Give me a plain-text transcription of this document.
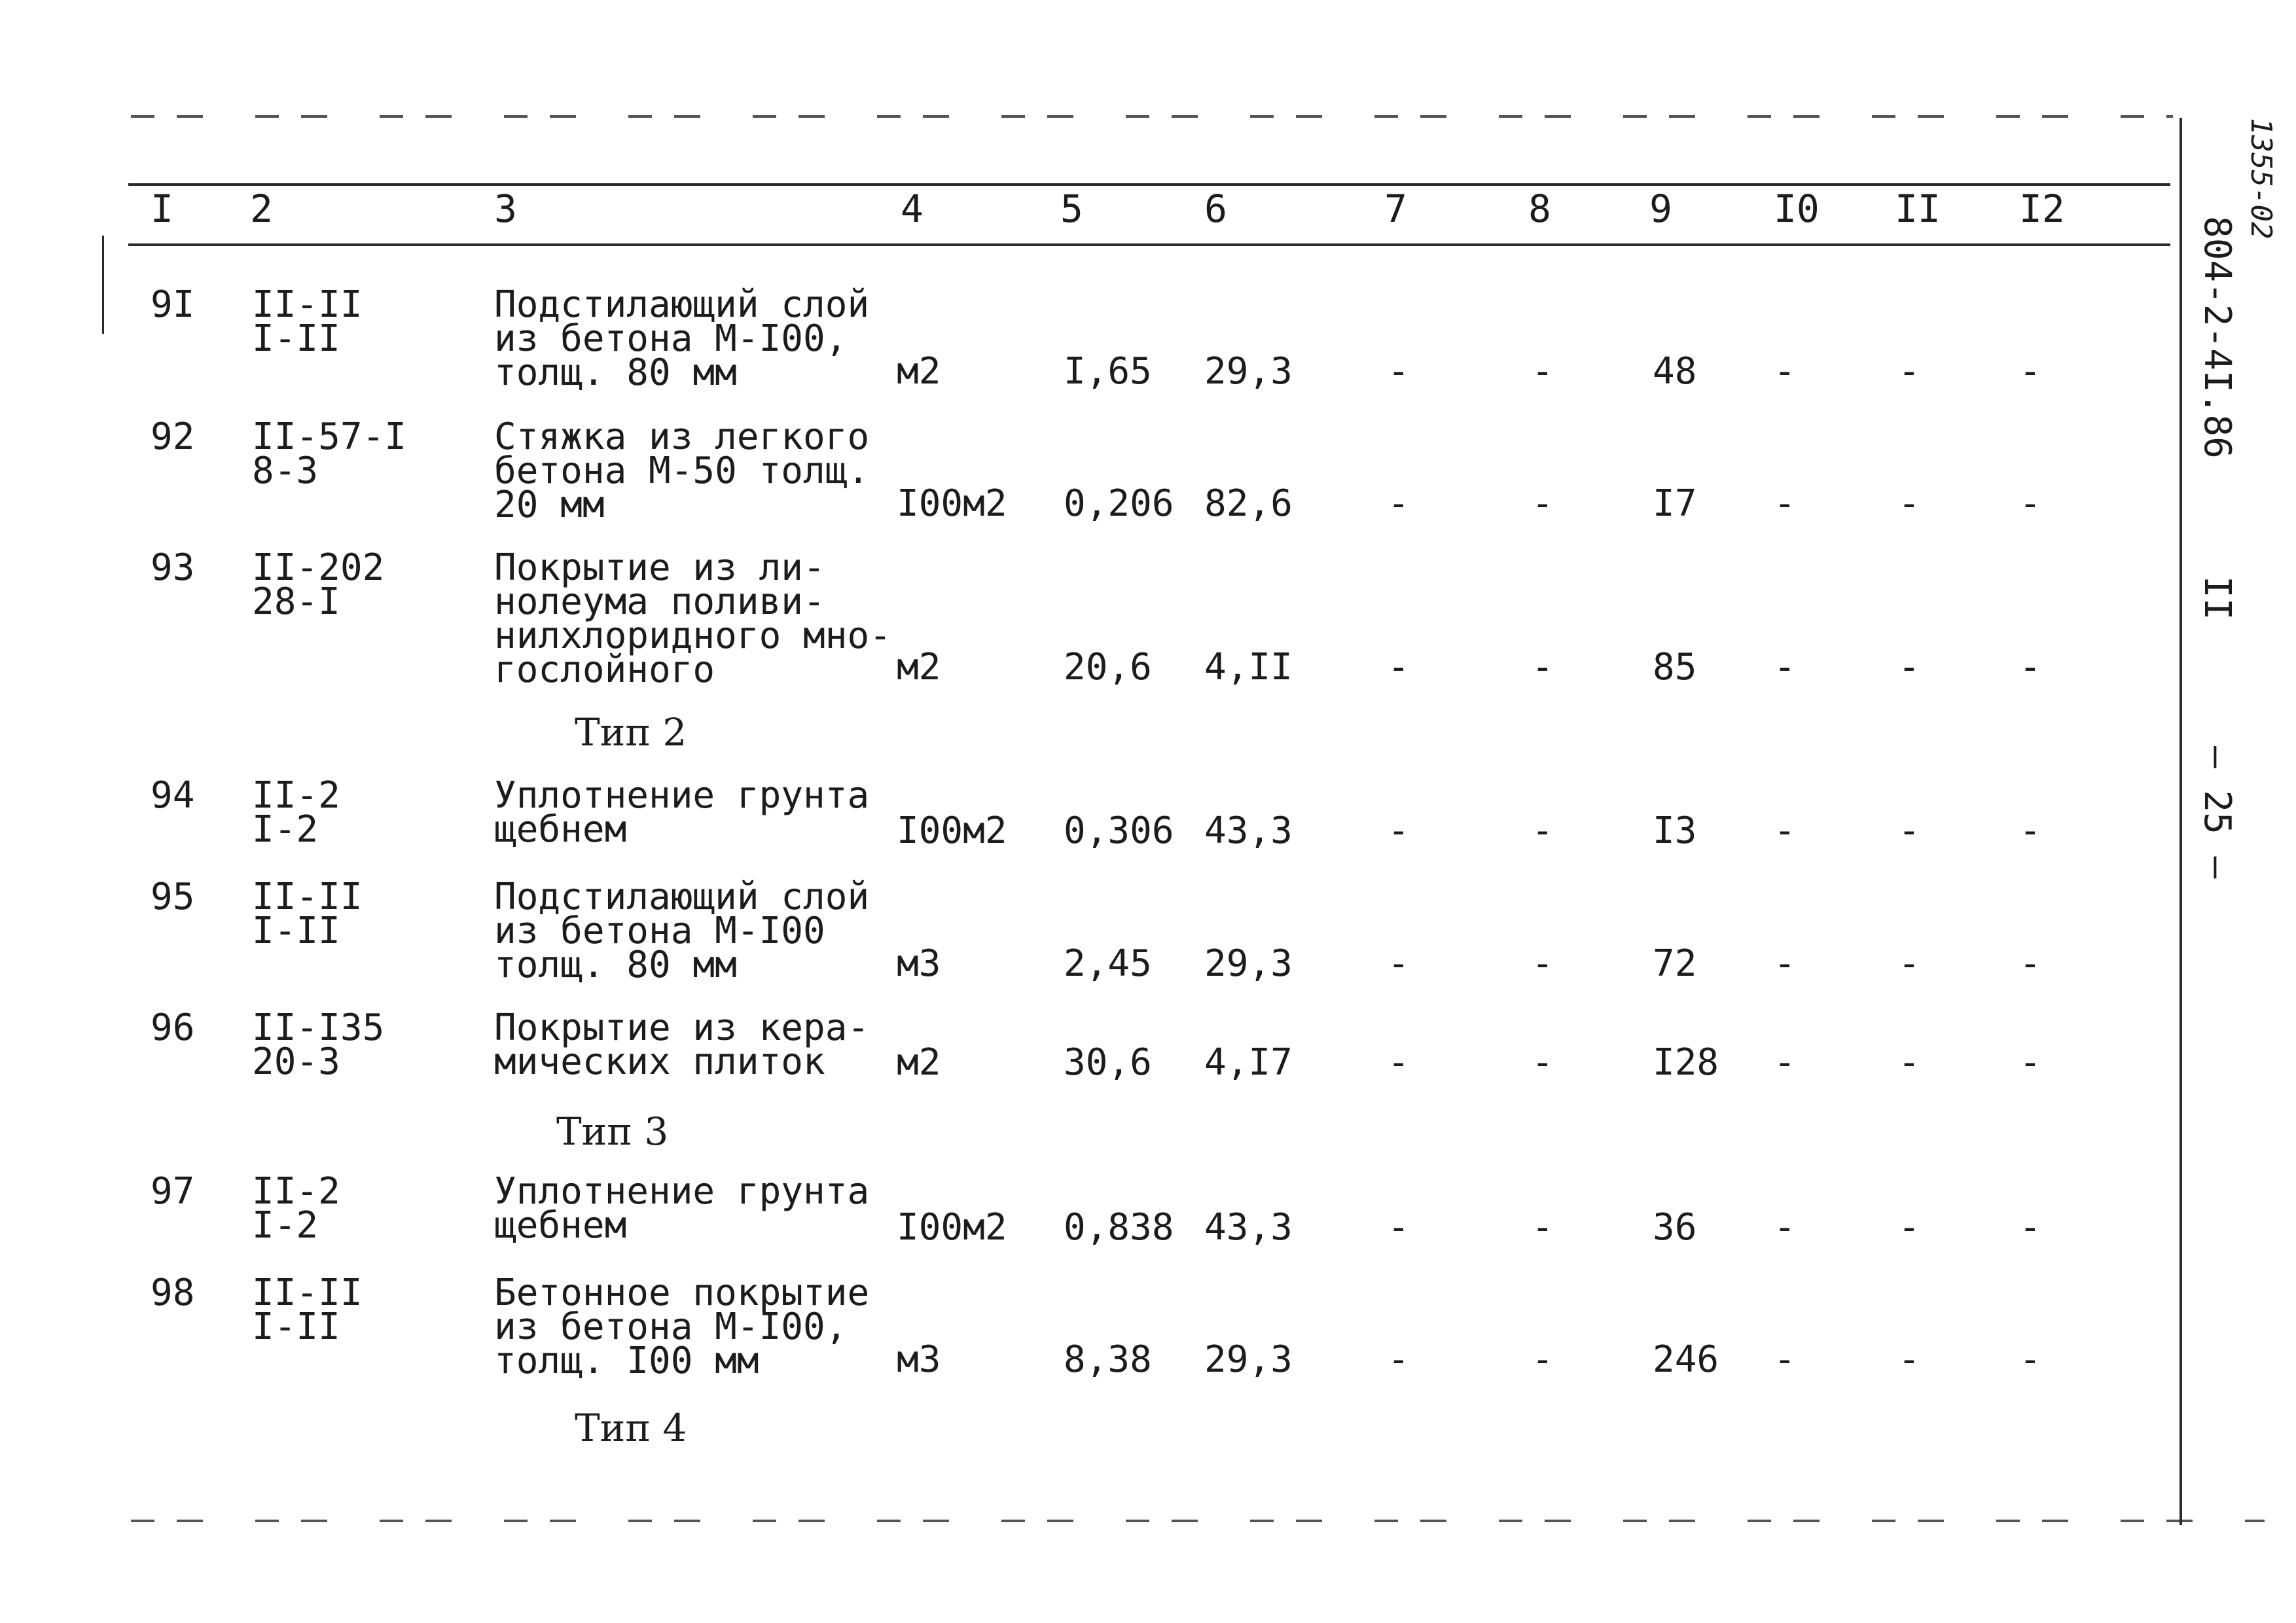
I 2	3	4	5	6	7	8	9	I0 II I2
9I II-II
I-II
Подстилающий слой
из бетона М-I00,
толщ. 80 мм	м2	I,65 29,3	-	-	48 -	-	-
92 II-57-I
8-3
Стяжка из легкого
бетона М-50 толщ.
20 мм	I00м2 0,206 82,6	-	-	I7 -	-	-
93 II-202
28-I
Покрытие из ли-
нолеума поливи-
нилхлоридного мно-
гослойного	м2	20,6 4,II	-	-	85 -	-	-
Тип 2
94 II-2
I-2
Уплотнение грунта
щебнем	I00м2 0,306 43,3	-	-	I3 -	-	-
95 II-II
I-II
Подстилающий слой
из бетона М-I00
толщ. 80 мм	м3	2,45 29,3	-	-	72 -	-	-
96 II-I35
20-3
Покрытие из кера-
мических плиток	м2	30,6 4,I7	-	-	I28 -	-	-
Тип 3
97 II-2
I-2
Уплотнение грунта
щебнем	I00м2 0,838 43,3	-	-	36 -	-	-
98 II-II
I-II
Бетонное покрытие
из бетона М-I00,
толщ. I00 мм	м3	8,38 29,3	-	-	246 -	-	-
Тип 4
1355-02
804-2-4I.86
II
— 25 —
